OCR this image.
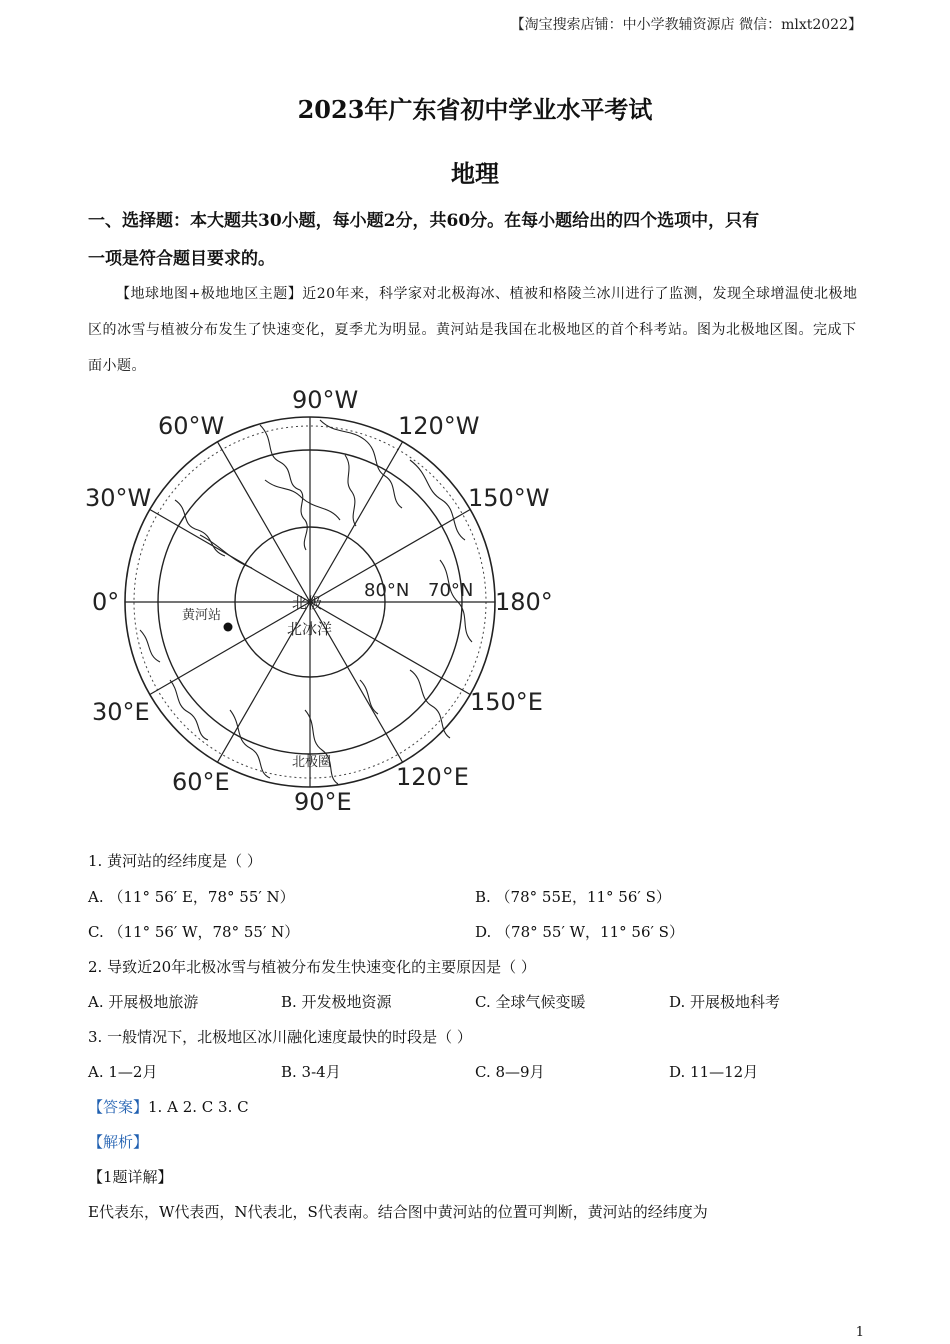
【淘宝搜索店铺：中小学教辅资源店 微信：mlxt2022】
2023年广东省初中学业水平考试
地理
一、选择题：本大题共30小题，每小题2分，共60分。在每小题给出的四个选项中，只有
一项是符合题目要求的。
【地球地图+极地地区主题】近20年来，科学家对北极海冰、植被和格陵兰冰川进行了监测，发现全球增温使北极地区的冰雪与植被分布发生了快速变化，夏季尤为明显。黄河站是我国在北极地区的首个科考站。图为北极地区图。完成下面小题。
90°W
60°W	120°W
30°W	150°W
0°	180°
30°E	150°E
60°E	120°E
90°E
80°N 70°N
北极
北冰洋
黄河站
北极圈
1. 黄河站的经纬度是（ ）
A. （11° 56′ E，78° 55′ N）	B. （78° 55E，11° 56′ S）
C. （11° 56′ W，78° 55′ N）	D. （78° 55′ W，11° 56′ S）
2. 导致近20年北极冰雪与植被分布发生快速变化的主要原因是（ ）
A. 开展极地旅游	B. 开发极地资源	C. 全球气候变暖	D. 开展极地科考
3. 一般情况下，北极地区冰川融化速度最快的时段是（ ）
A. 1—2月	B. 3-4月	C. 8—9月	D. 11—12月
【答案】1. A 2. C 3. C
【解析】
【1题详解】
E代表东，W代表西，N代表北，S代表南。结合图中黄河站的位置可判断，黄河站的经纬度为
1
